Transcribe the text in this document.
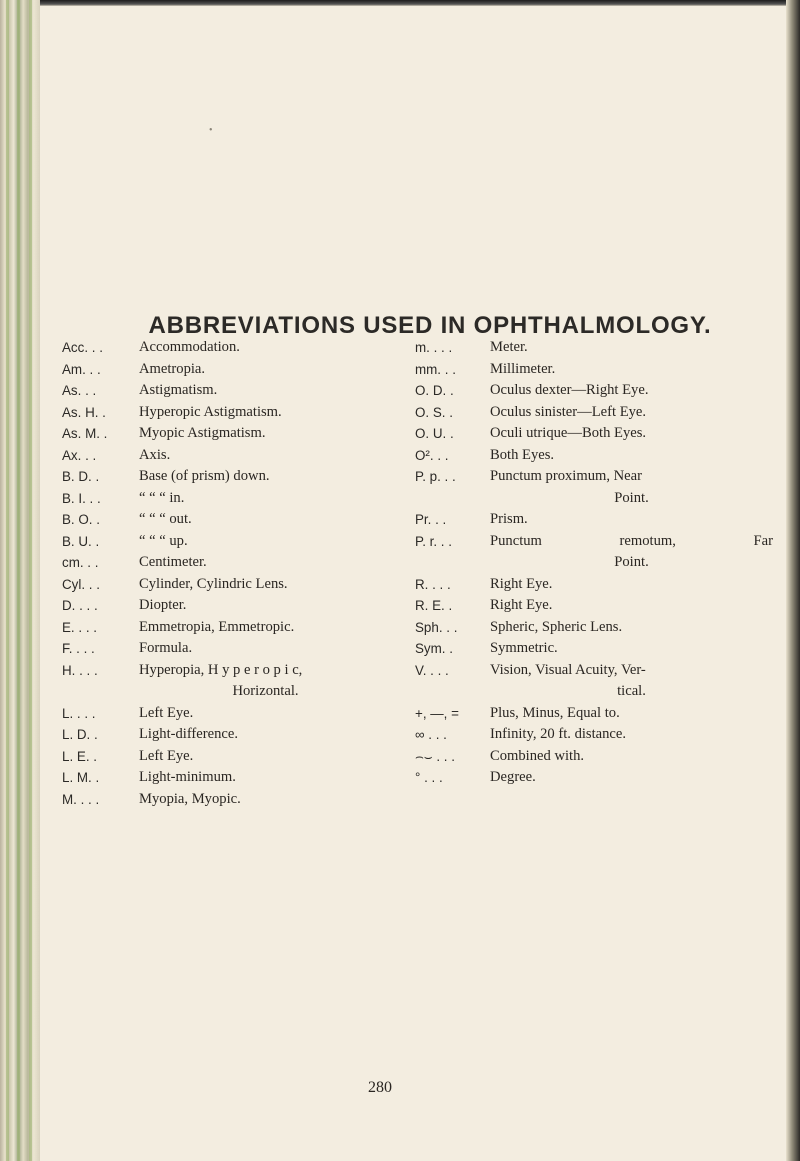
•
ABBREVIATIONS USED IN OPHTHALMOLOGY.
Acc. . .	Accommodation.
Am. . .	Ametropia.
As. . .	Astigmatism.
As. H. .	Hyperopic Astigmatism.
As. M. .	Myopic Astigmatism.
Ax. . .	Axis.
B. D. .	Base (of prism) down.
B. I. . .	“ “ “ in.
B. O. .	“ “ “ out.
B. U. .	“ “ “ up.
cm. . .	Centimeter.
Cyl. . .	Cylinder, Cylindric Lens.
D. . . .	Diopter.
E. . . .	Emmetropia, Emmetropic.
F. . . .	Formula.
H. . . .	Hyperopia, H y p e r o p i c,
Horizontal.
L. . . .	Left Eye.
L. D. .	Light-difference.
L. E. .	Left Eye.
L. M. .	Light-minimum.
M. . . .	Myopia, Myopic.
m. . . .	Meter.
mm. . .	Millimeter.
O. D. .	Oculus dexter—Right Eye.
O. S. .	Oculus sinister—Left Eye.
O. U. .	Oculi utrique—Both Eyes.
O². . .	Both Eyes.
P. p. . .	Punctum proximum, Near
Point.
Pr. . .	Prism.
P. r. . .	Punctum remotum, Far
Point.
R. . . .	Right Eye.
R. E. .	Right Eye.
Sph. . .	Spheric, Spheric Lens.
Sym. .	Symmetric.
V. . . .	Vision, Visual Acuity, Ver-
tical.
+, —, =	Plus, Minus, Equal to.
∞ . . .	Infinity, 20 ft. distance.
⌢⌣ . . .	Combined with.
° . . .	Degree.
280
